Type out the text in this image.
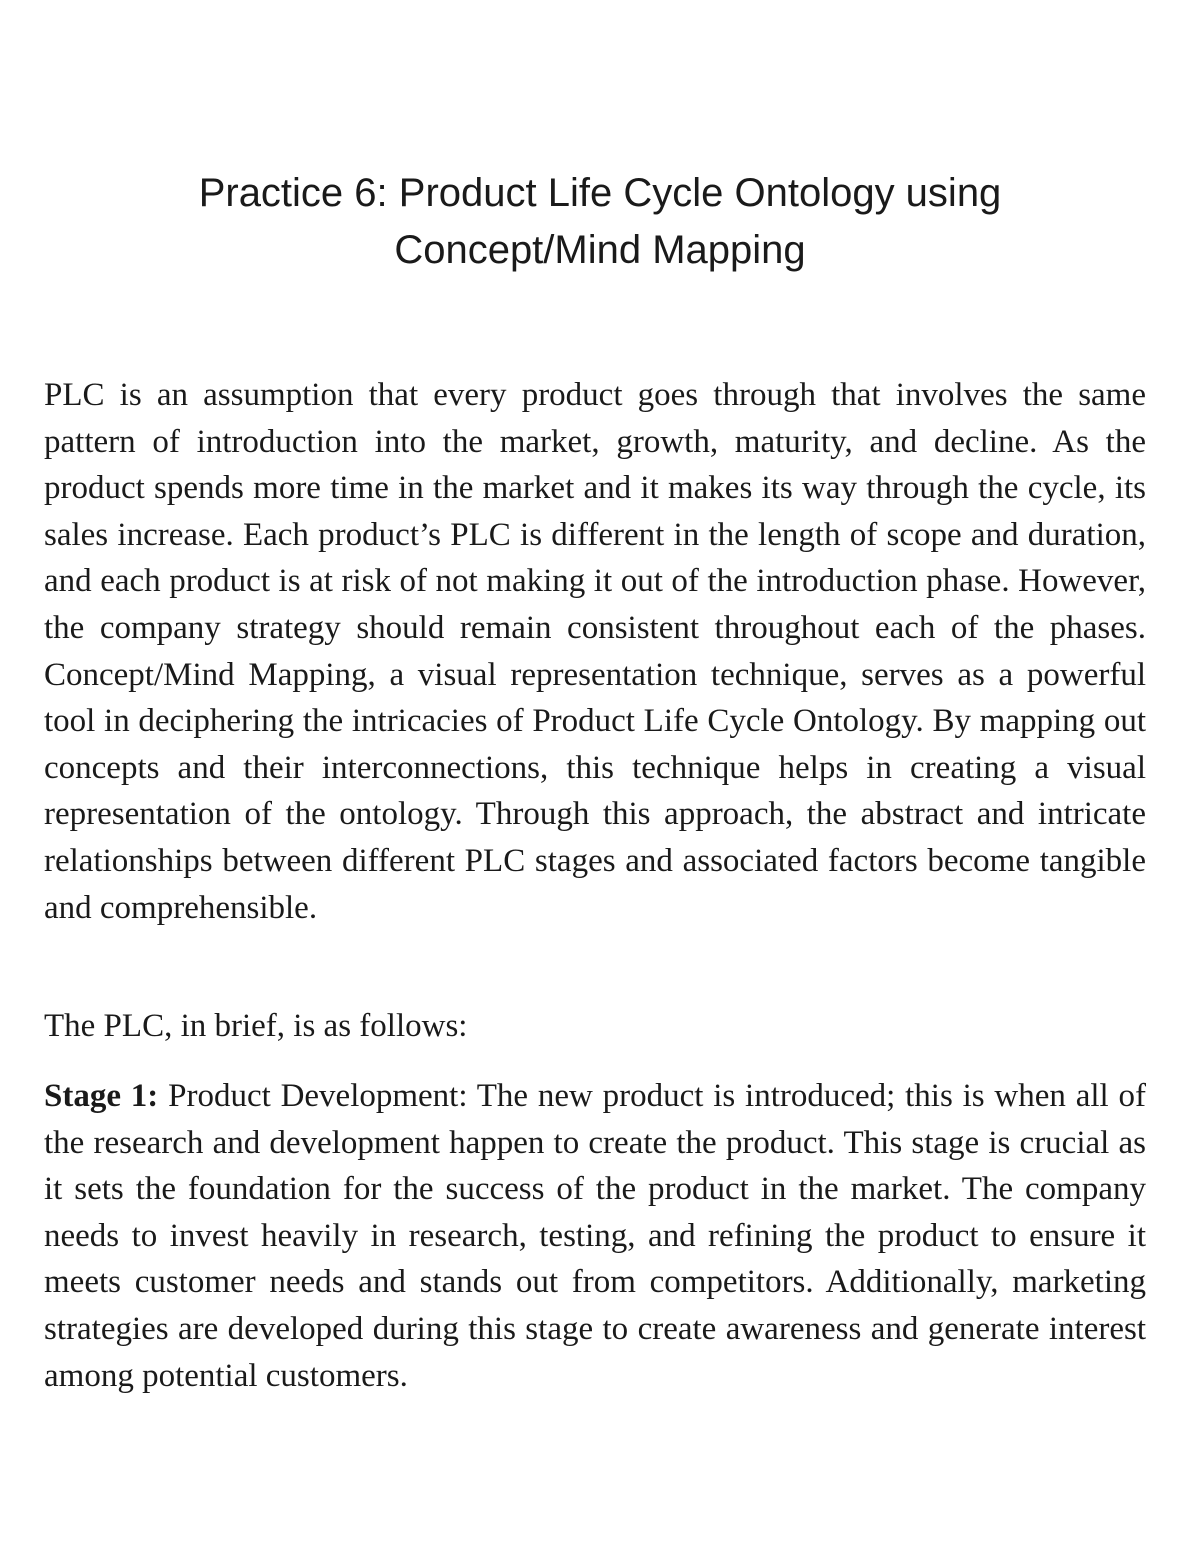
Practice 6: Product Life Cycle Ontology using Concept/Mind Mapping

PLC is an assumption that every product goes through that involves the same pattern of introduction into the market, growth, maturity, and decline. As the product spends more time in the market and it makes its way through the cycle, its sales increase. Each product’s PLC is different in the length of scope and duration, and each product is at risk of not making it out of the introduction phase. However, the company strategy should remain consistent throughout each of the phases. Concept/Mind Mapping, a visual representation technique, serves as a powerful tool in deciphering the intricacies of Product Life Cycle Ontology. By mapping out concepts and their interconnections, this technique helps in creating a visual representation of the ontology. Through this approach, the abstract and intricate relationships between different PLC stages and associated factors become tangible and comprehensible.

The PLC, in brief, is as follows:

Stage 1: Product Development: The new product is introduced; this is when all of the research and development happen to create the product. This stage is crucial as it sets the foundation for the success of the product in the market. The company needs to invest heavily in research, testing, and refining the product to ensure it meets customer needs and stands out from competitors. Additionally, marketing strategies are developed during this stage to create awareness and generate interest among potential customers.
